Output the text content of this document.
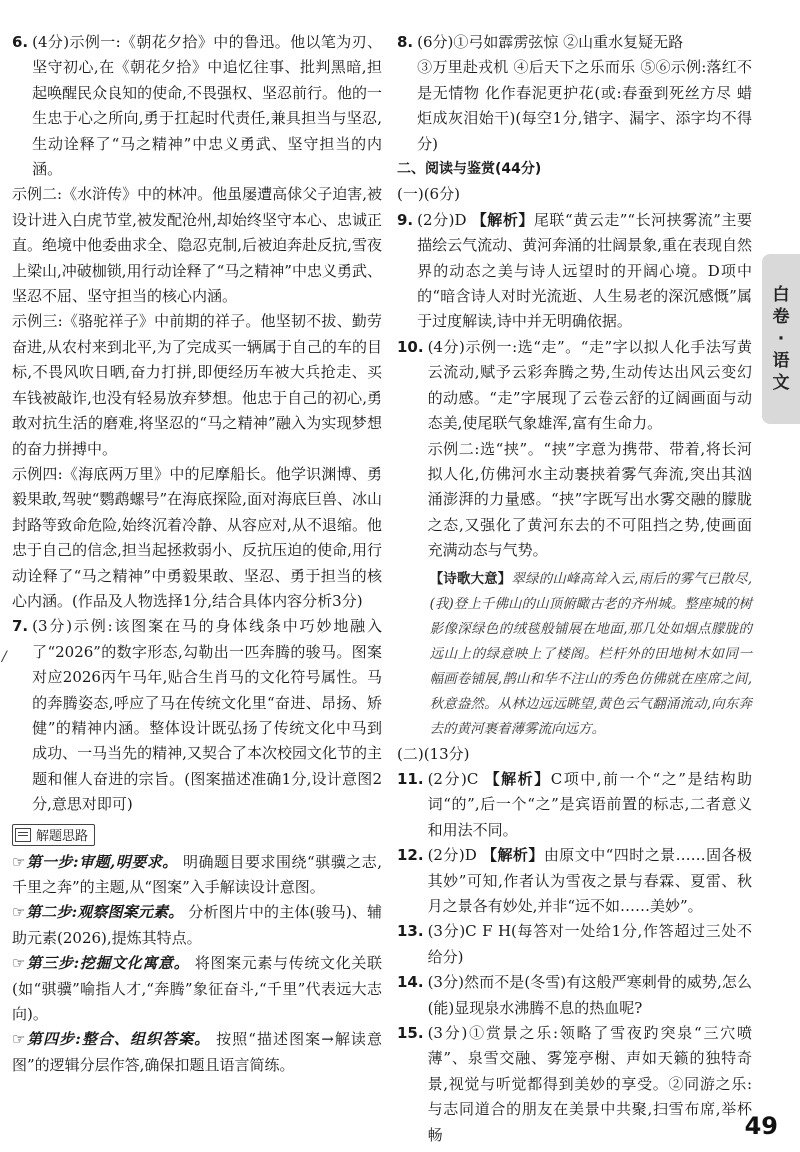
6. (4分)示例一:《朝花夕拾》中的鲁迅。他以笔为刃、坚守初心,在《朝花夕拾》中追忆往事、批判黑暗,担起唤醒民众良知的使命,不畏强权、坚忍前行。他的一生忠于心之所向,勇于扛起时代责任,兼具担当与坚忍,生动诠释了“马之精神”中忠义勇武、坚守担当的内涵。

示例二:《水浒传》中的林冲。他虽屡遭高俅父子迫害,被设计进入白虎节堂,被发配沧州,却始终坚守本心、忠诚正直。绝境中他委曲求全、隐忍克制,后被迫奔赴反抗,雪夜上梁山,冲破枷锁,用行动诠释了“马之精神”中忠义勇武、坚忍不屈、坚守担当的核心内涵。

示例三:《骆驼祥子》中前期的祥子。他坚韧不拔、勤劳奋进,从农村来到北平,为了完成买一辆属于自己的车的目标,不畏风吹日晒,奋力打拼,即便经历车被大兵抢走、买车钱被敲诈,也没有轻易放弃梦想。他忠于自己的初心,勇敢对抗生活的磨难,将坚忍的“马之精神”融入为实现梦想的奋力拼搏中。

示例四:《海底两万里》中的尼摩船长。他学识渊博、勇毅果敢,驾驶“鹦鹉螺号”在海底探险,面对海底巨兽、冰山封路等致命危险,始终沉着冷静、从容应对,从不退缩。他忠于自己的信念,担当起拯救弱小、反抗压迫的使命,用行动诠释了“马之精神”中勇毅果敢、坚忍、勇于担当的核心内涵。(作品及人物选择1分,结合具体内容分析3分)

7. (3分)示例:该图案在马的身体线条中巧妙地融入了“2026”的数字形态,勾勒出一匹奔腾的骏马。图案对应2026丙午马年,贴合生肖马的文化符号属性。马的奔腾姿态,呼应了马在传统文化里“奋进、昂扬、矫健”的精神内涵。整体设计既弘扬了传统文化中马到成功、一马当先的精神,又契合了本次校园文化节的主题和催人奋进的宗旨。(图案描述准确1分,设计意图2分,意思对即可)

解题思路

☞第一步:审题,明要求。 明确题目要求围绕“骐骥之志,千里之奔”的主题,从“图案”入手解读设计意图。

☞第二步:观察图案元素。 分析图片中的主体(骏马)、辅助元素(2026),提炼其特点。

☞第三步:挖掘文化寓意。 将图案元素与传统文化关联(如“骐骥”喻指人才,“奔腾”象征奋斗,“千里”代表远大志向)。

☞第四步:整合、组织答案。 按照“描述图案→解读意图”的逻辑分层作答,确保扣题且语言简练。

/
8. (6分)①弓如霹雳弦惊 ②山重水复疑无路

③万里赴戎机 ④后天下之乐而乐 ⑤⑥示例:落红不是无情物 化作春泥更护花(或:春蚕到死丝方尽 蜡炬成灰泪始干)(每空1分,错字、漏字、添字均不得分)

二、阅读与鉴赏(44分)

(一)(6分)

9. (2分)D 【解析】尾联“黄云走”“长河挟雾流”主要描绘云气流动、黄河奔涌的壮阔景象,重在表现自然界的动态之美与诗人远望时的开阔心境。D项中的“暗含诗人对时光流逝、人生易老的深沉感慨”属于过度解读,诗中并无明确依据。

10. (4分)示例一:选“走”。“走”字以拟人化手法写黄云流动,赋予云彩奔腾之势,生动传达出风云变幻的动感。“走”字展现了云卷云舒的辽阔画面与动态美,使尾联气象雄浑,富有生命力。

示例二:选“挟”。“挟”字意为携带、带着,将长河拟人化,仿佛河水主动裹挟着雾气奔流,突出其汹涌澎湃的力量感。“挟”字既写出水雾交融的朦胧之态,又强化了黄河东去的不可阻挡之势,使画面充满动态与气势。

【诗歌大意】翠绿的山峰高耸入云,雨后的雾气已散尽,(我)登上千佛山的山顶俯瞰古老的齐州城。整座城的树影像深绿色的绒毯般铺展在地面,那几处如烟点朦胧的远山上的绿意映上了楼阁。栏杆外的田地树木如同一幅画卷铺展,鹊山和华不注山的秀色仿佛就在座席之间,秋意盎然。从林边远远眺望,黄色云气翻涌流动,向东奔去的黄河裹着薄雾流向远方。

(二)(13分)

11. (2分)C 【解析】C项中,前一个“之”是结构助词“的”,后一个“之”是宾语前置的标志,二者意义和用法不同。

12. (2分)D 【解析】由原文中“四时之景……固各极其妙”可知,作者认为雪夜之景与春霖、夏雷、秋月之景各有妙处,并非“远不如……美妙”。

13. (3分)C F H(每答对一处给1分,作答超过三处不给分)

14. (3分)然而不是(冬雪)有这般严寒刺骨的威势,怎么(能)显现泉水沸腾不息的热血呢?

15. (3分)①赏景之乐:领略了雪夜趵突泉“三穴喷薄”、泉雪交融、雾笼亭榭、声如天籁的独特奇景,视觉与听觉都得到美妙的享受。②同游之乐:与志同道合的朋友在美景中共聚,扫雪布席,举杯畅

白
卷
·
语
文
49
